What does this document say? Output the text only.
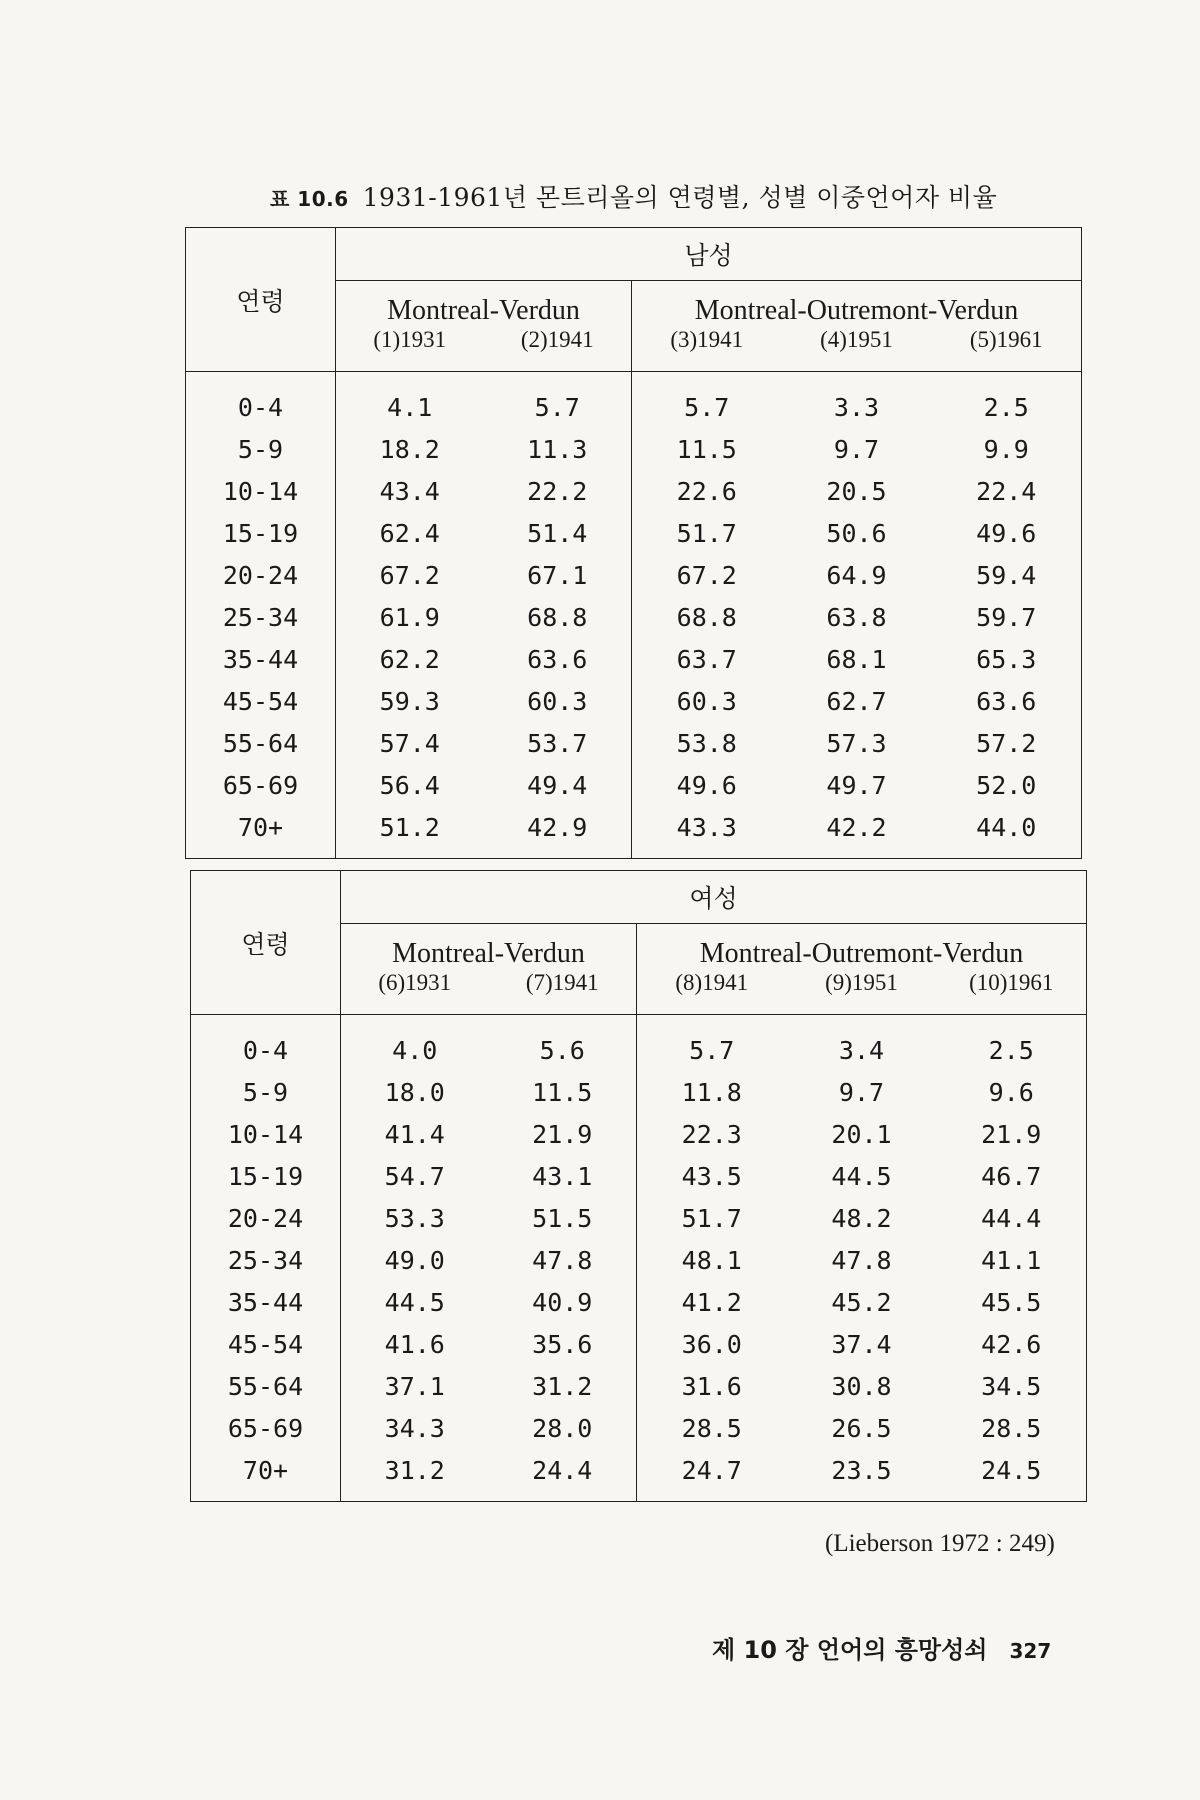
표 10.6 1931-1961년 몬트리올의 연령별, 성별 이중언어자 비율
연령	남성				
	Montreal-Verdun		Montreal-Outremont-Verdun		
	(1)1931	(2)1941	(3)1941	(4)1951	(5)1961
0-4	4.1	5.7	5.7	3.3	2.5
5-9	18.2	11.3	11.5	9.7	9.9
10-14	43.4	22.2	22.6	20.5	22.4
15-19	62.4	51.4	51.7	50.6	49.6
20-24	67.2	67.1	67.2	64.9	59.4
25-34	61.9	68.8	68.8	63.8	59.7
35-44	62.2	63.6	63.7	68.1	65.3
45-54	59.3	60.3	60.3	62.7	63.6
55-64	57.4	53.7	53.8	57.3	57.2
65-69	56.4	49.4	49.6	49.7	52.0
70+	51.2	42.9	43.3	42.2	44.0
연령	여성				
	Montreal-Verdun		Montreal-Outremont-Verdun		
	(6)1931	(7)1941	(8)1941	(9)1951	(10)1961
0-4	4.0	5.6	5.7	3.4	2.5
5-9	18.0	11.5	11.8	9.7	9.6
10-14	41.4	21.9	22.3	20.1	21.9
15-19	54.7	43.1	43.5	44.5	46.7
20-24	53.3	51.5	51.7	48.2	44.4
25-34	49.0	47.8	48.1	47.8	41.1
35-44	44.5	40.9	41.2	45.2	45.5
45-54	41.6	35.6	36.0	37.4	42.6
55-64	37.1	31.2	31.6	30.8	34.5
65-69	34.3	28.0	28.5	26.5	28.5
70+	31.2	24.4	24.7	23.5	24.5
(Lieberson 1972 : 249)
제 10 장 언어의 흥망성쇠 327
